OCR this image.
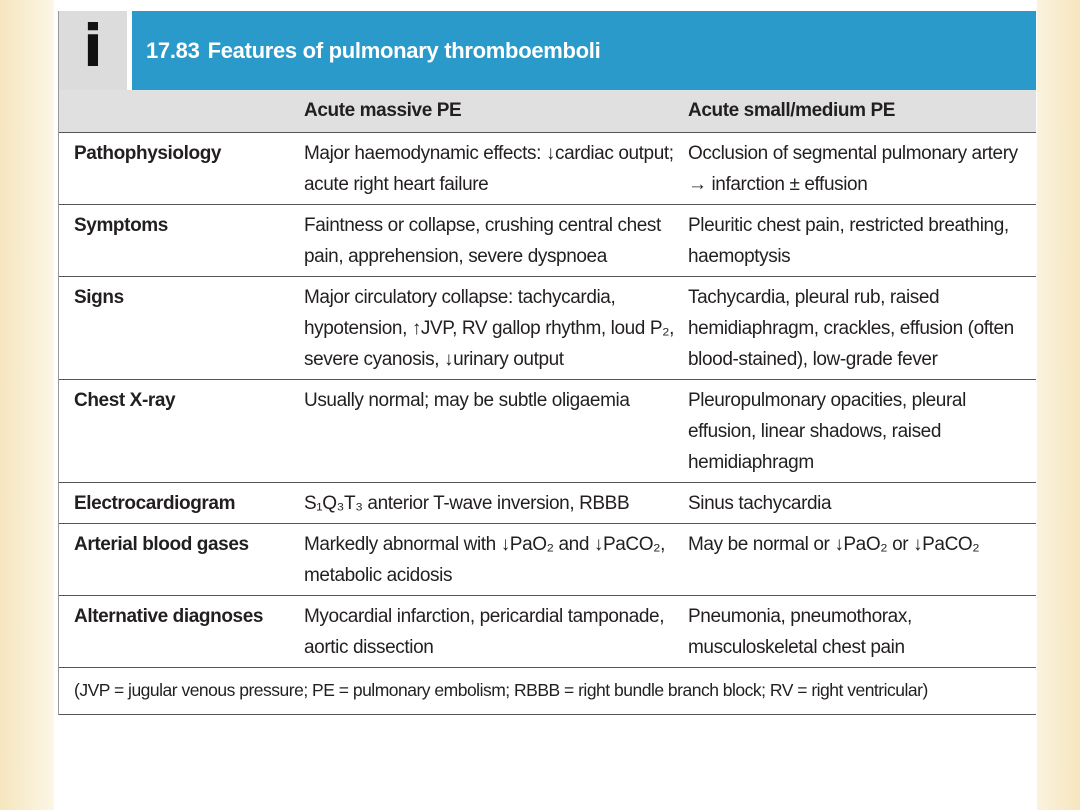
i	17.83 Features of pulmonary thromboemboli
	Acute massive PE	Acute small/medium PE
Pathophysiology	Major haemodynamic effects: ↓cardiac output; acute right heart failure	Occlusion of segmental pulmonary artery → infarction ± effusion
Symptoms	Faintness or collapse, crushing central chest pain, apprehension, severe dyspnoea	Pleuritic chest pain, restricted breathing, haemoptysis
Signs	Major circulatory collapse: tachycardia, hypotension, ↑JVP, RV gallop rhythm, loud P₂, severe cyanosis, ↓urinary output	Tachycardia, pleural rub, raised hemidiaphragm, crackles, effusion (often blood-stained), low-grade fever
Chest X-ray	Usually normal; may be subtle oligaemia	Pleuropulmonary opacities, pleural effusion, linear shadows, raised hemidiaphragm
Electrocardiogram	S₁Q₃T₃ anterior T-wave inversion, RBBB	Sinus tachycardia
Arterial blood gases	Markedly abnormal with ↓PaO₂ and ↓PaCO₂, metabolic acidosis	May be normal or ↓PaO₂ or ↓PaCO₂
Alternative diagnoses	Myocardial infarction, pericardial tamponade, aortic dissection	Pneumonia, pneumothorax, musculoskeletal chest pain
(JVP = jugular venous pressure; PE = pulmonary embolism; RBBB = right bundle branch block; RV = right ventricular)
